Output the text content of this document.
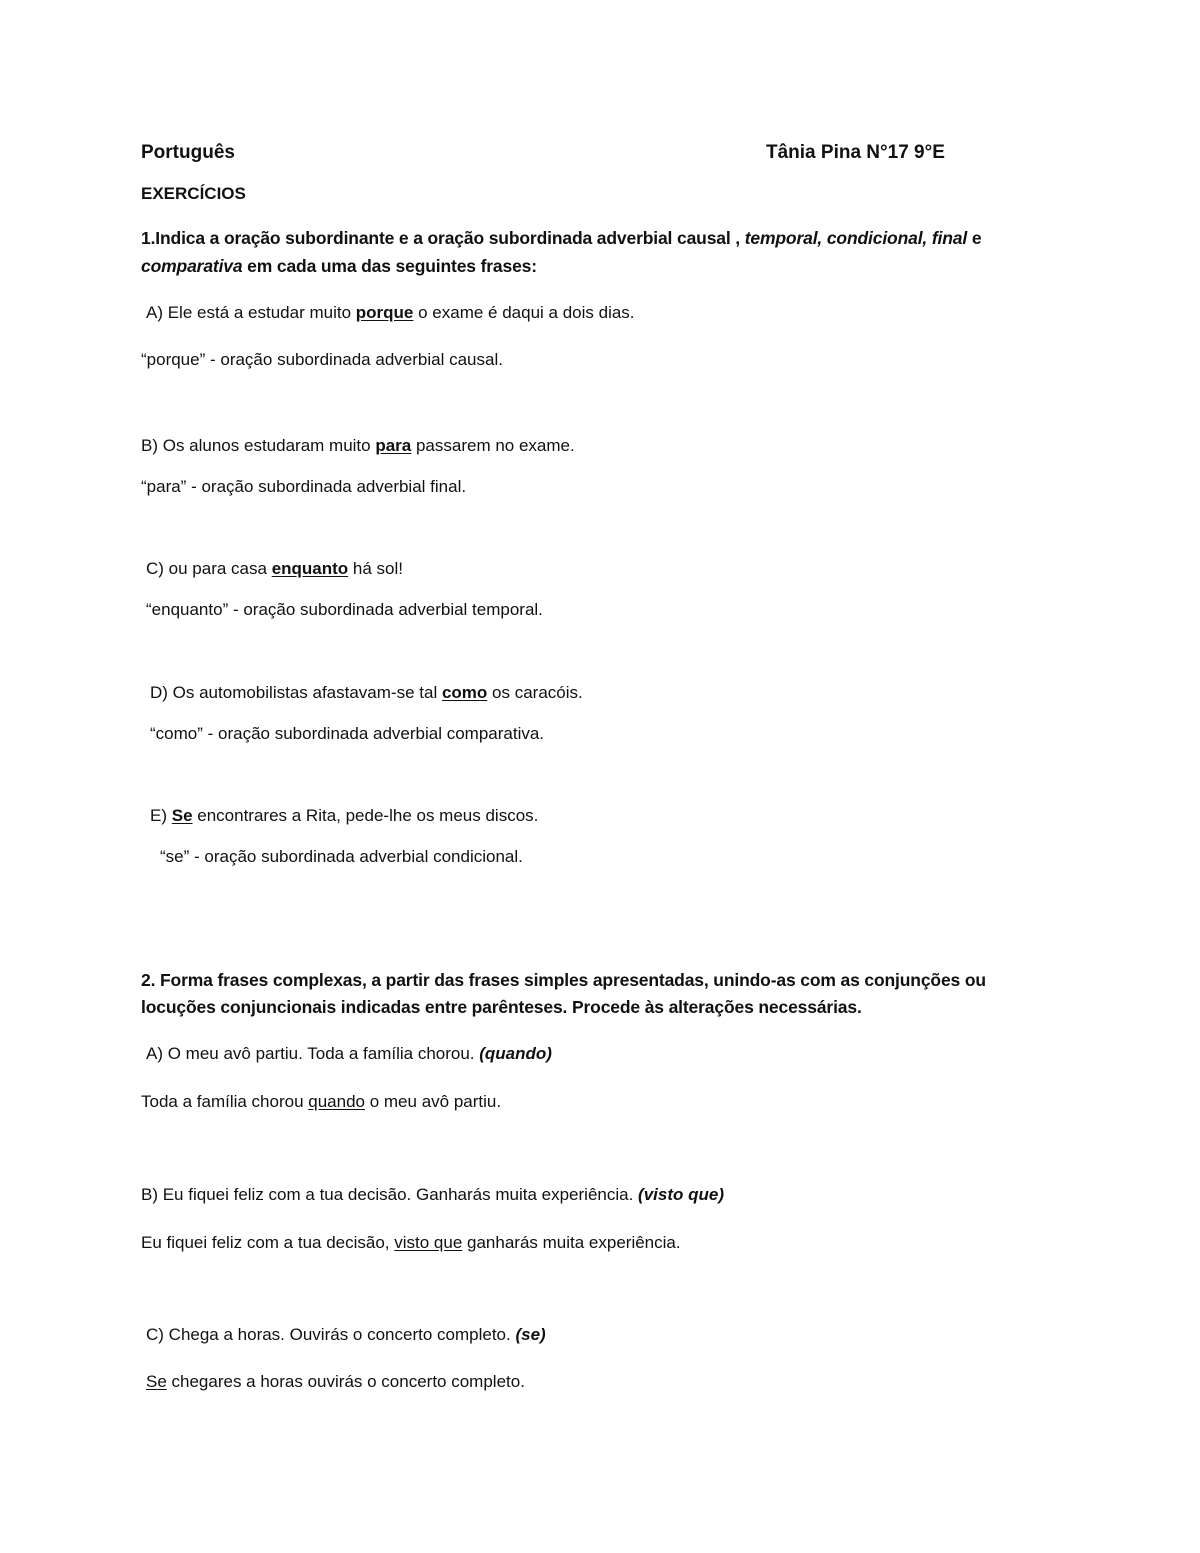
Português	Tânia Pina N°17 9°E
EXERCÍCIOS
1.Indica a oração subordinante e a oração subordinada adverbial causal , temporal, condicional, final e
comparativa em cada uma das seguintes frases:
A) Ele está a estudar muito porque o exame é daqui a dois dias.
“porque” - oração subordinada adverbial causal.
B) Os alunos estudaram muito para passarem no exame.
“para” - oração subordinada adverbial final.
C) ou para casa enquanto há sol!
“enquanto” - oração subordinada adverbial temporal.
D) Os automobilistas afastavam-se tal como os caracóis.
“como” - oração subordinada adverbial comparativa.
E) Se encontrares a Rita, pede-lhe os meus discos.
“se” - oração subordinada adverbial condicional.
2. Forma frases complexas, a partir das frases simples apresentadas, unindo-as com as conjunções ou
locuções conjuncionais indicadas entre parênteses. Procede às alterações necessárias.
A) O meu avô partiu. Toda a família chorou. (quando)
Toda a família chorou quando o meu avô partiu.
B) Eu fiquei feliz com a tua decisão. Ganharás muita experiência. (visto que)
Eu fiquei feliz com a tua decisão, visto que ganharás muita experiência.
C) Chega a horas. Ouvirás o concerto completo. (se)
Se chegares a horas ouvirás o concerto completo.
